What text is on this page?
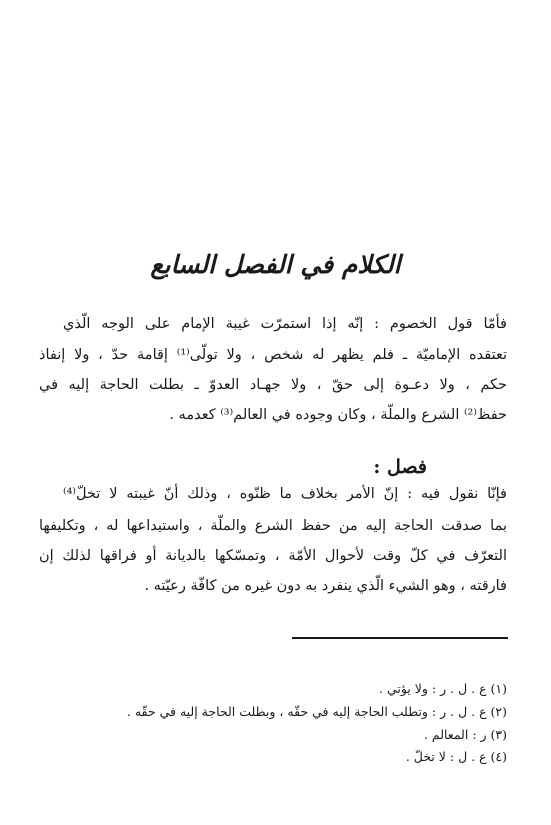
الكلام في الفصل السابع

فأمّا قول الخصوم : إنّه إذا استمرّت غيبة الإمام على الوجه الّذي

تعتقده الإماميّة ـ فلم يظهر له شخص ، ولا تولّى⁽¹⁾ إقامة حدّ ، ولا إنفاذ

حكم ، ولا دعـوة إلى حقّ ، ولا جهـاد العدوّ ـ بطلت الحاجة إليه في

حفظ⁽²⁾ الشرع والملّة ، وكان وجوده في العالم⁽³⁾ كعدمه .

فصل :

فإنّا نقول فيه : إنّ الأمر بخلاف ما ظنّوه ، وذلك أنّ غيبته لا تخلّ⁽⁴⁾

بما صدقت الحاجة إليه من حفظ الشرع والملّة ، واستيداعها له ، وتكليفها

التعرّف في كلّ وقت لأحوال الأمّة ، وتمسّكها بالديانة أو فراقها لذلك إن

فارقته ، وهو الشيء الّذي ينفرد به دون غيره من كافّة رعيّته .

(١) ع . ل . ر : ولا يؤتي .
(٢) ع . ل . ر : وتطلب الحاجة إليه في حقّه ، وبطلت الحاجة إليه في حقّه .
(٣) ر : المعالم .
(٤) ع . ل : لا تخلّ .
